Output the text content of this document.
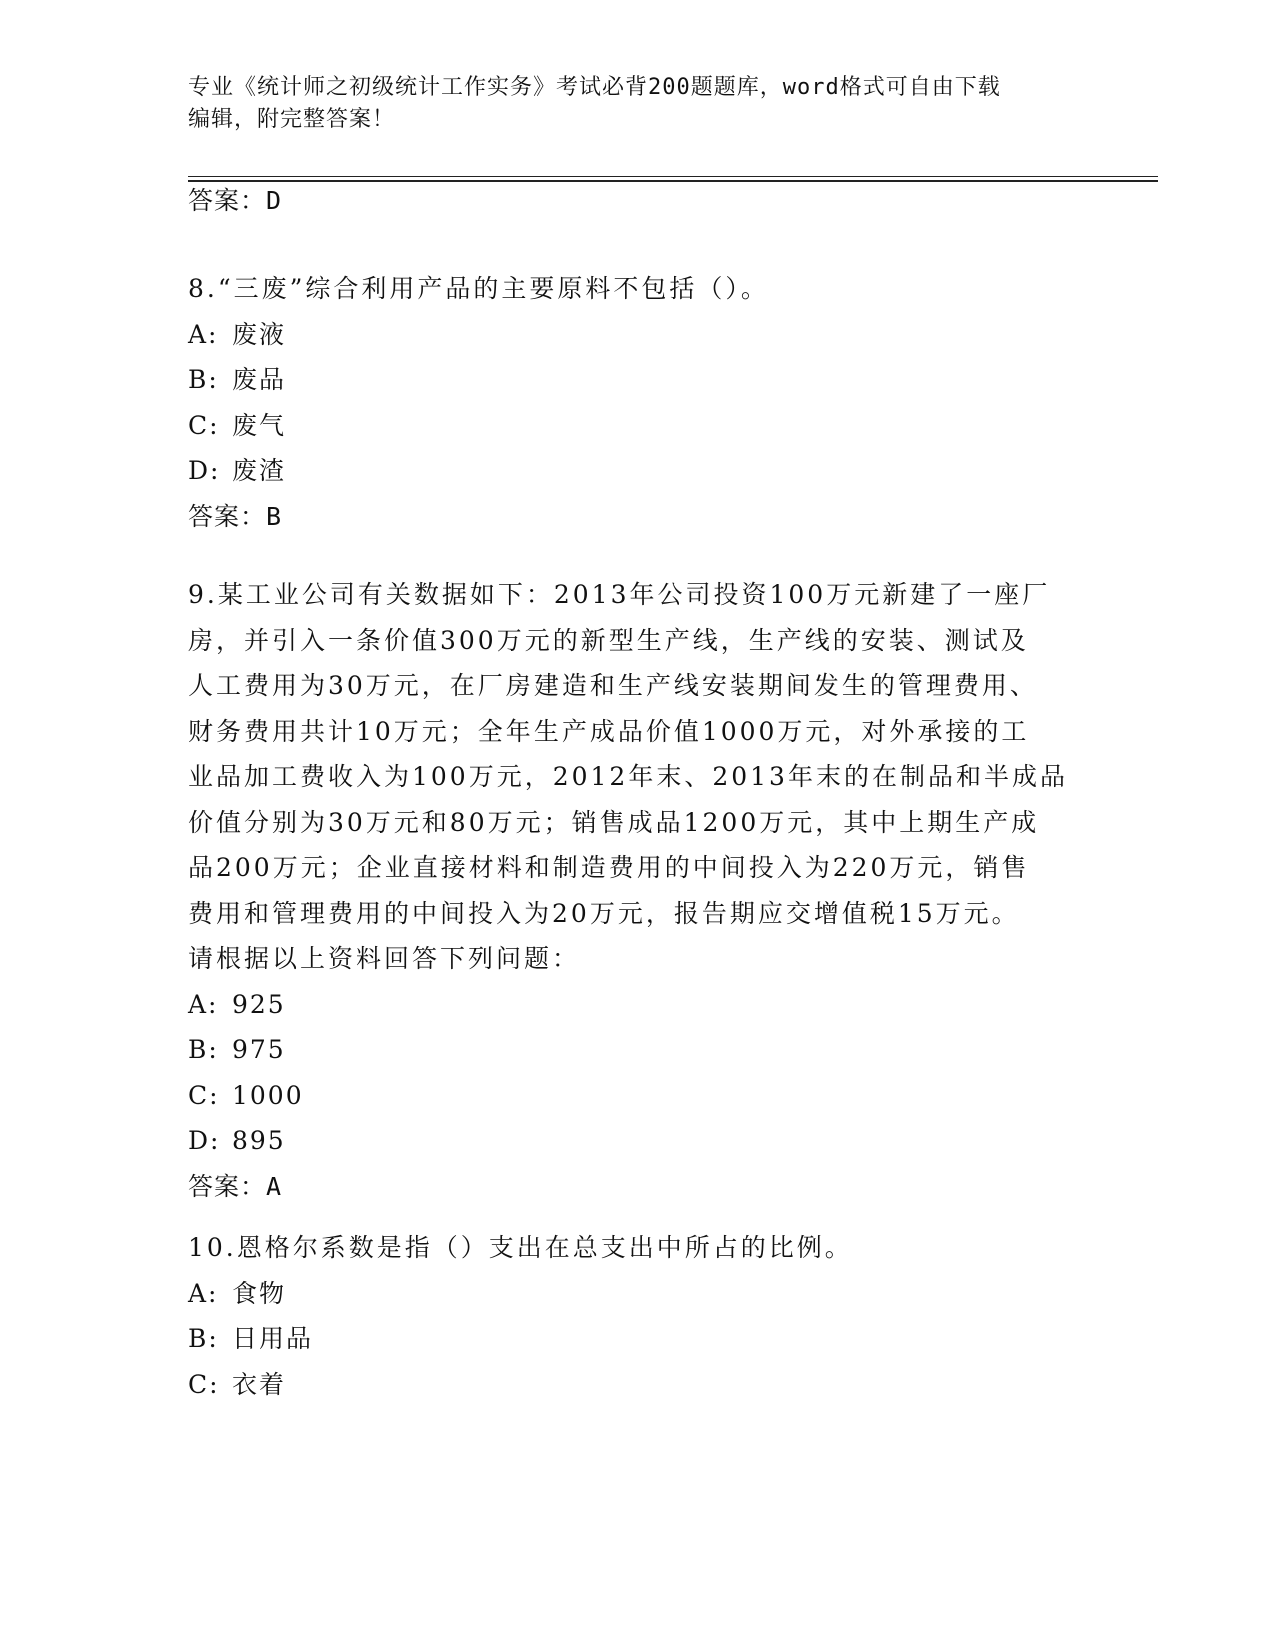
专业《统计师之初级统计工作实务》考试必背200题题库，word格式可自由下载
编辑，附完整答案！
答案：D

8.“三废”综合利用产品的主要原料不包括（）。

A: 废液
B: 废品
C: 废气
D: 废渣
答案：B
9.某工业公司有关数据如下：2013年公司投资100万元新建了一座厂
房，并引入一条价值300万元的新型生产线，生产线的安装、测试及
人工费用为30万元，在厂房建造和生产线安装期间发生的管理费用、
财务费用共计10万元；全年生产成品价值1000万元，对外承接的工
业品加工费收入为100万元，2012年末、2013年末的在制品和半成品
价值分别为30万元和80万元；销售成品1200万元，其中上期生产成
品200万元；企业直接材料和制造费用的中间投入为220万元，销售
费用和管理费用的中间投入为20万元，报告期应交增值税15万元。
请根据以上资料回答下列问题：
A: 925
B: 975
C: 1000
D: 895
答案：A

10.恩格尔系数是指（）支出在总支出中所占的比例。

A: 食物
B: 日用品
C: 衣着
